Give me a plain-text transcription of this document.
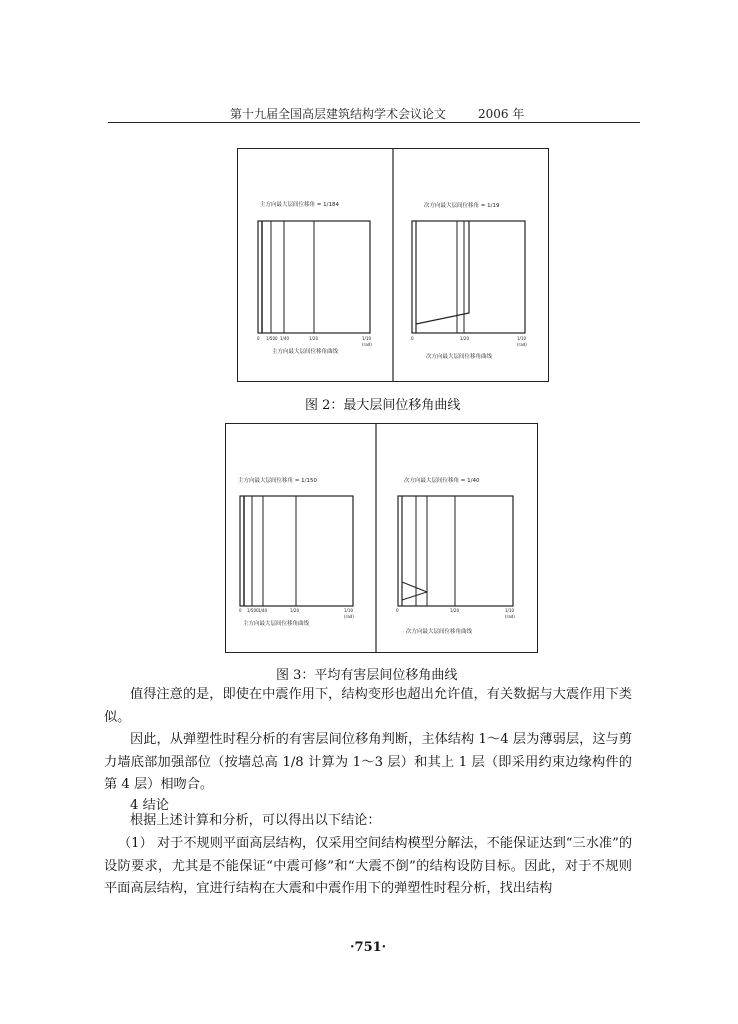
第十九届全国高层建筑结构学术会议论文	2006 年
主方向最大层间位移角 = 1/184
0 1/500 1/40	1/20	1/10
(rad)
主方向最大层间位移角曲线
次方向最大层间位移角 = 1/19
0	1/20	1/10
(rad)
次方向最大层间位移角曲线
图 2：最大层间位移角曲线
主方向最大层间位移角 = 1/150
0 1/500 1/40	1/20	1/10
(rad)
主方向最大层间位移角曲线
次方向最大层间位移角 = 1/40
0	1/20	1/10
(rad)
次方向最大层间位移角曲线
图 3：平均有害层间位移角曲线
值得注意的是，即使在中震作用下，结构变形也超出允许值，有关数据与大震作用下类似。
因此，从弹塑性时程分析的有害层间位移角判断，主体结构 1～4 层为薄弱层，这与剪力墙底部加强部位（按墙总高 1/8 计算为 1～3 层）和其上 1 层（即采用约束边缘构件的第 4 层）相吻合。
4 结论
根据上述计算和分析，可以得出以下结论：
（1） 对于不规则平面高层结构，仅采用空间结构模型分解法，不能保证达到“三水准”的设防要求，尤其是不能保证“中震可修”和“大震不倒”的结构设防目标。因此，对于不规则平面高层结构，宜进行结构在大震和中震作用下的弹塑性时程分析，找出结构
·751·
